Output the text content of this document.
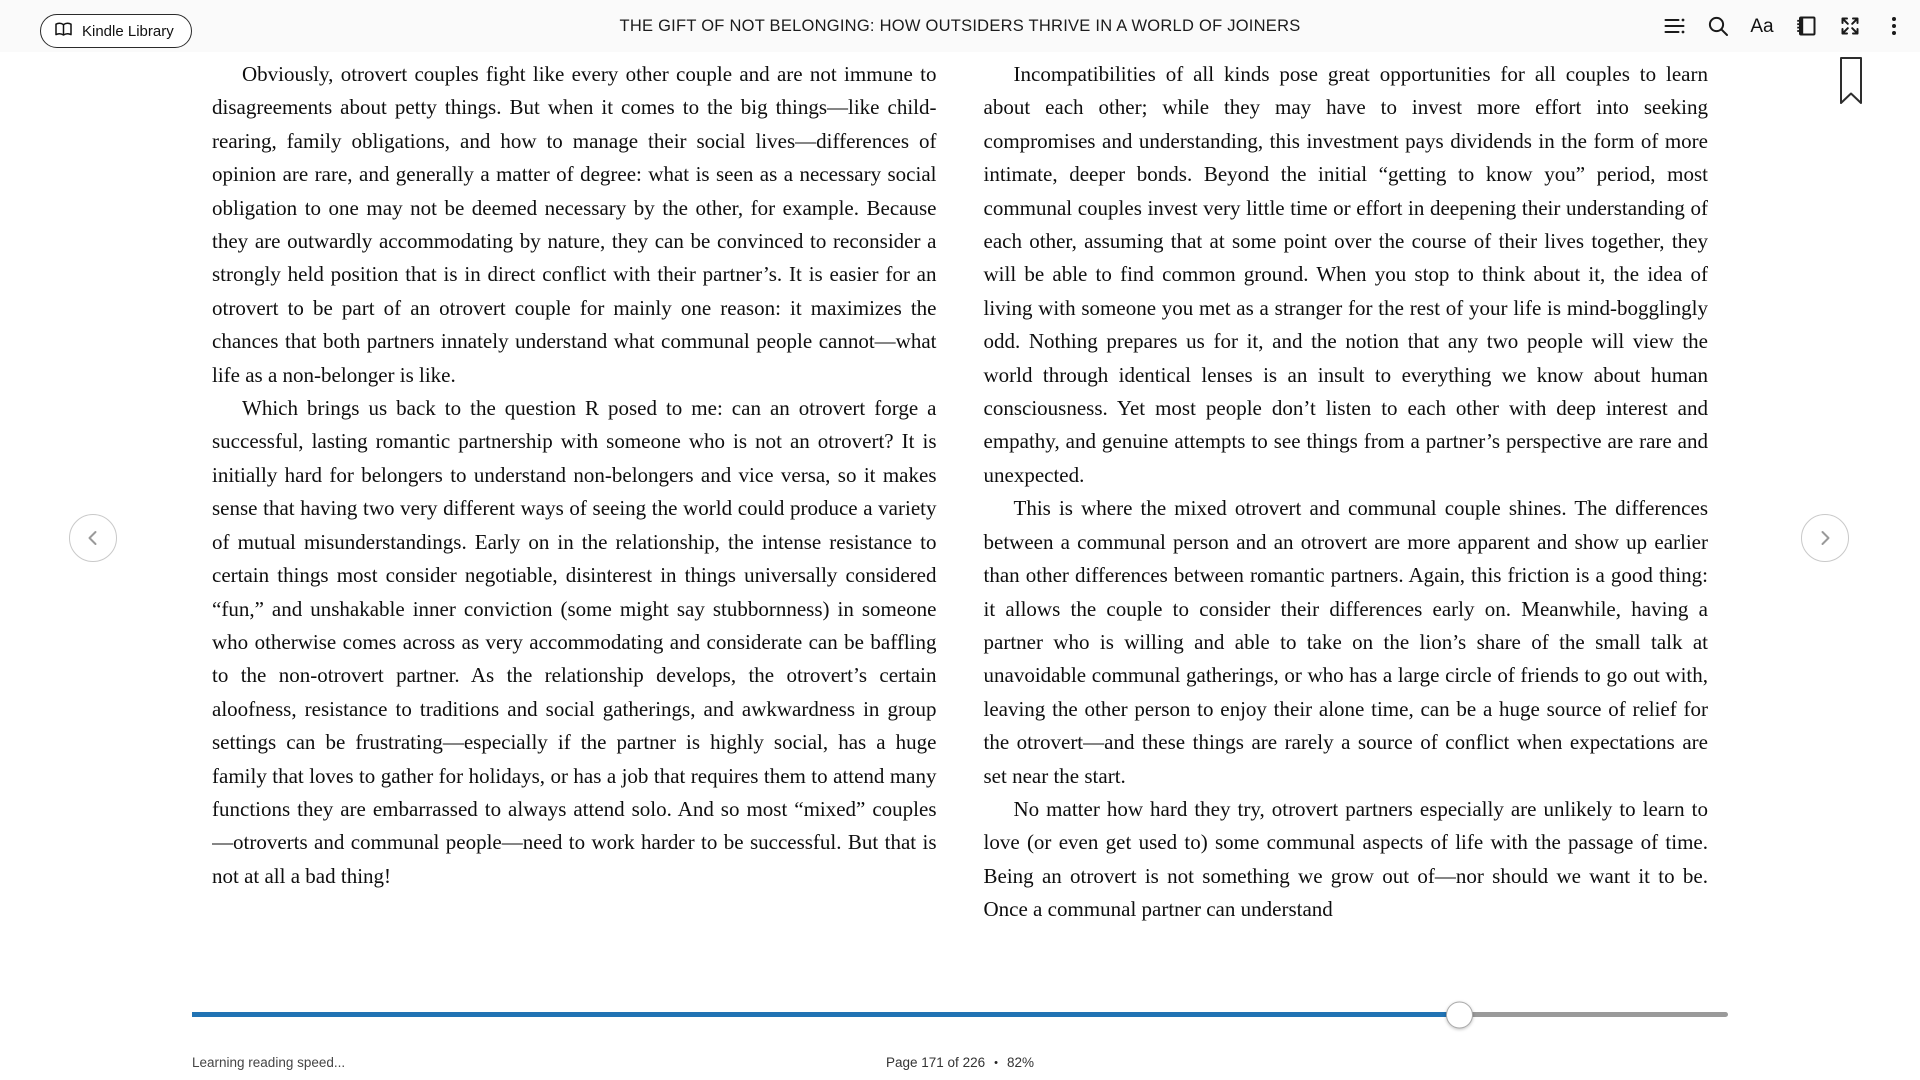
Kindle Library	THE GIFT OF NOT BELONGING: HOW OUTSIDERS THRIVE IN A WORLD OF JOINERS	Aa

Obviously, otrovert couples fight like every other couple and are not immune to disagreements about petty things. But when it comes to the big things—like child-rearing, family obligations, and how to manage their social lives—differences of opinion are rare, and generally a matter of degree: what is seen as a necessary social obligation to one may not be deemed necessary by the other, for example. Because they are outwardly accommodating by nature, they can be convinced to reconsider a strongly held position that is in direct conflict with their partner’s. It is easier for an otrovert to be part of an otrovert couple for mainly one reason: it maximizes the chances that both partners innately understand what communal people cannot—what life as a non-belonger is like.

Which brings us back to the question R posed to me: can an otrovert forge a successful, lasting romantic partnership with someone who is not an otrovert? It is initially hard for belongers to understand non-belongers and vice versa, so it makes sense that having two very different ways of seeing the world could produce a variety of mutual misunderstandings. Early on in the relationship, the intense resistance to certain things most consider negotiable, disinterest in things universally considered “fun,” and unshakable inner conviction (some might say stubbornness) in someone who otherwise comes across as very accommodating and considerate can be baffling to the non-otrovert partner. As the relationship develops, the otrovert’s certain aloofness, resistance to traditions and social gatherings, and awkwardness in group settings can be frustrating—especially if the partner is highly social, has a huge family that loves to gather for holidays, or has a job that requires them to attend many functions they are embarrassed to always attend solo. And so most “mixed” couples—otroverts and communal people—need to work harder to be successful. But that is not at all a bad thing!

Incompatibilities of all kinds pose great opportunities for all couples to learn about each other; while they may have to invest more effort into seeking compromises and understanding, this investment pays dividends in the form of more intimate, deeper bonds. Beyond the initial “getting to know you” period, most communal couples invest very little time or effort in deepening their understanding of each other, assuming that at some point over the course of their lives together, they will be able to find common ground. When you stop to think about it, the idea of living with someone you met as a stranger for the rest of your life is mind-bogglingly odd. Nothing prepares us for it, and the notion that any two people will view the world through identical lenses is an insult to everything we know about human consciousness. Yet most people don’t listen to each other with deep interest and empathy, and genuine attempts to see things from a partner’s perspective are rare and unexpected.

This is where the mixed otrovert and communal couple shines. The differences between a communal person and an otrovert are more apparent and show up earlier than other differences between romantic partners. Again, this friction is a good thing: it allows the couple to consider their differences early on. Meanwhile, having a partner who is willing and able to take on the lion’s share of the small talk at unavoidable communal gatherings, or who has a large circle of friends to go out with, leaving the other person to enjoy their alone time, can be a huge source of relief for the otrovert—and these things are rarely a source of conflict when expectations are set near the start.

No matter how hard they try, otrovert partners especially are unlikely to learn to love (or even get used to) some communal aspects of life with the passage of time. Being an otrovert is not something we grow out of—nor should we want it to be. Once a communal partner can understand

Learning reading speed...	Page 171 of 226 • 82%
